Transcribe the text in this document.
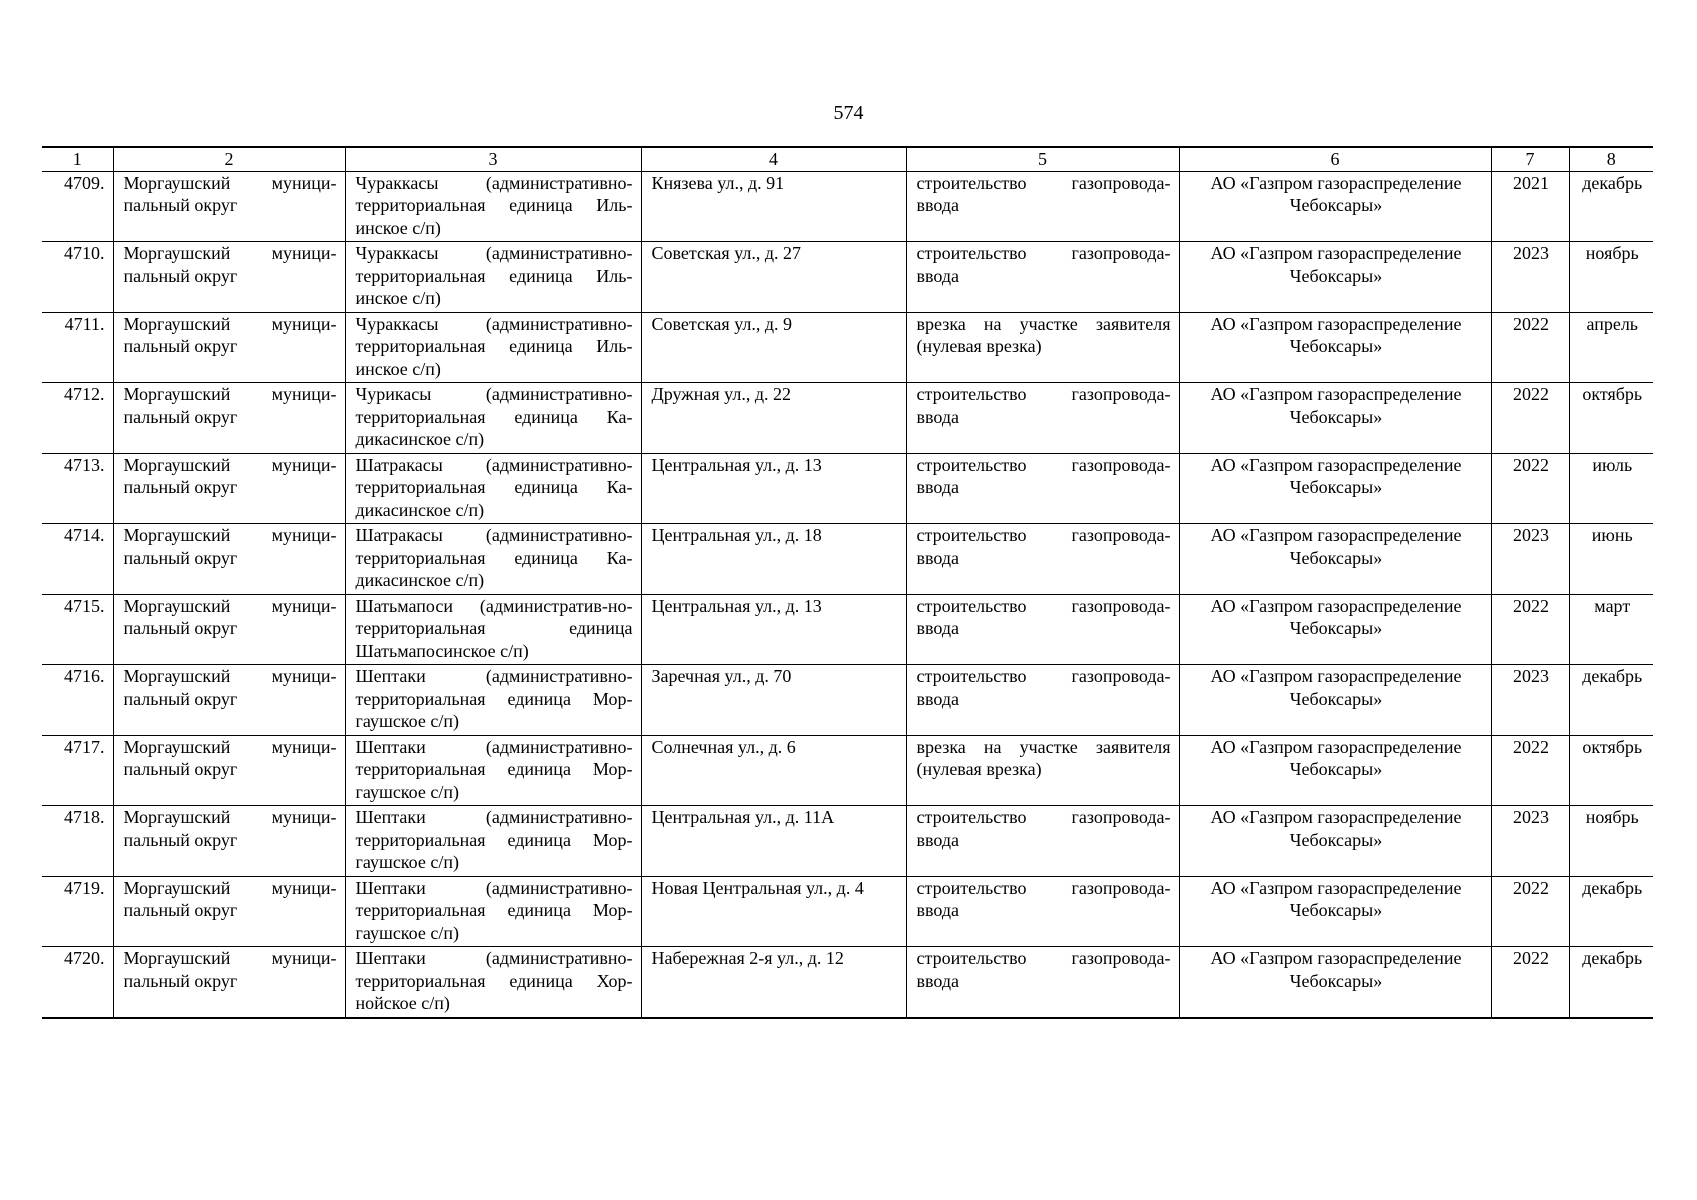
574
1	2	3	4	5	6	7	8
4709.	Моргаушский муници-пальный округ	Чураккасы (административно-территориальная единица Иль-инское с/п)	Князева ул., д. 91	строительство газопровода-ввода	АО «Газпром газораспределение Чебоксары»	2021	декабрь
4710.	Моргаушский муници-пальный округ	Чураккасы (административно-территориальная единица Иль-инское с/п)	Советская ул., д. 27	строительство газопровода-ввода	АО «Газпром газораспределение Чебоксары»	2023	ноябрь
4711.	Моргаушский муници-пальный округ	Чураккасы (административно-территориальная единица Иль-инское с/п)	Советская ул., д. 9	врезка на участке заявителя (нулевая врезка)	АО «Газпром газораспределение Чебоксары»	2022	апрель
4712.	Моргаушский муници-пальный округ	Чурикасы (административно-территориальная единица Ка-дикасинское с/п)	Дружная ул., д. 22	строительство газопровода-ввода	АО «Газпром газораспределение Чебоксары»	2022	октябрь
4713.	Моргаушский муници-пальный округ	Шатракасы (административно-территориальная единица Ка-дикасинское с/п)	Центральная ул., д. 13	строительство газопровода-ввода	АО «Газпром газораспределение Чебоксары»	2022	июль
4714.	Моргаушский муници-пальный округ	Шатракасы (административно-территориальная единица Ка-дикасинское с/п)	Центральная ул., д. 18	строительство газопровода-ввода	АО «Газпром газораспределение Чебоксары»	2023	июнь
4715.	Моргаушский муници-пальный округ	Шатьмапоси (административ-но-территориальная единица Шатьмапосинское с/п)	Центральная ул., д. 13	строительство газопровода-ввода	АО «Газпром газораспределение Чебоксары»	2022	март
4716.	Моргаушский муници-пальный округ	Шептаки (административно-территориальная единица Мор-гаушское с/п)	Заречная ул., д. 70	строительство газопровода-ввода	АО «Газпром газораспределение Чебоксары»	2023	декабрь
4717.	Моргаушский муници-пальный округ	Шептаки (административно-территориальная единица Мор-гаушское с/п)	Солнечная ул., д. 6	врезка на участке заявителя (нулевая врезка)	АО «Газпром газораспределение Чебоксары»	2022	октябрь
4718.	Моргаушский муници-пальный округ	Шептаки (административно-территориальная единица Мор-гаушское с/п)	Центральная ул., д. 11А	строительство газопровода-ввода	АО «Газпром газораспределение Чебоксары»	2023	ноябрь
4719.	Моргаушский муници-пальный округ	Шептаки (административно-территориальная единица Мор-гаушское с/п)	Новая Центральная ул., д. 4	строительство газопровода-ввода	АО «Газпром газораспределение Чебоксары»	2022	декабрь
4720.	Моргаушский муници-пальный округ	Шептаки (административно-территориальная единица Хор-нойское с/п)	Набережная 2-я ул., д. 12	строительство газопровода-ввода	АО «Газпром газораспределение Чебоксары»	2022	декабрь
